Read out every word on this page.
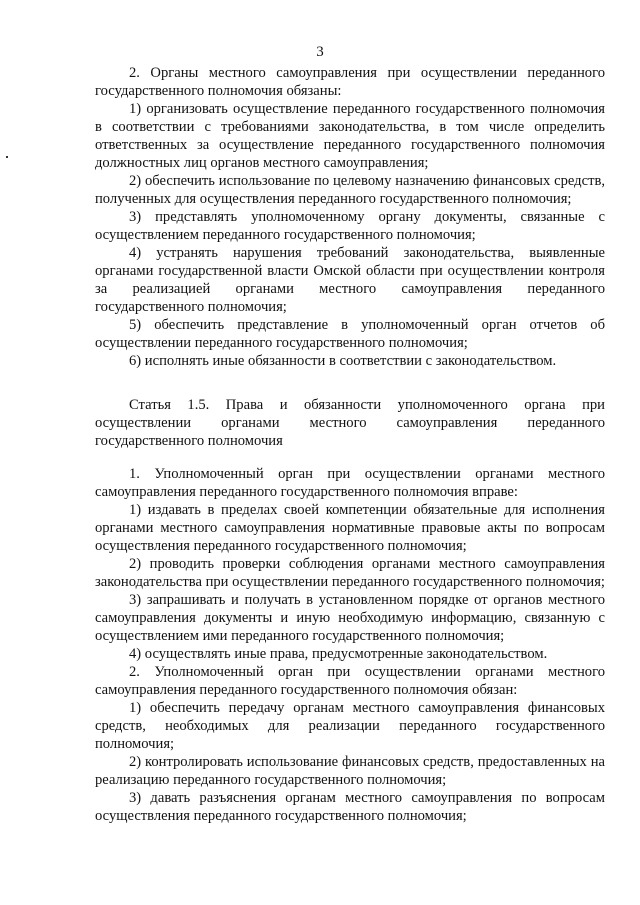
3

2. Органы местного самоуправления при осуществлении переданного государственного полномочия обязаны:

1) организовать осуществление переданного государственного полномочия в соответствии с требованиями законодательства, в том числе определить ответственных за осуществление переданного государственного полномочия должностных лиц органов местного самоуправления;

2) обеспечить использование по целевому назначению финансовых средств, полученных для осуществления переданного государственного полномочия;

3) представлять уполномоченному органу документы, связанные с осуществлением переданного государственного полномочия;

4) устранять нарушения требований законодательства, выявленные органами государственной власти Омской области при осуществлении контроля за реализацией органами местного самоуправления переданного государственного полномочия;

5) обеспечить представление в уполномоченный орган отчетов об осуществлении переданного государственного полномочия;

6) исполнять иные обязанности в соответствии с законодательством.

Статья 1.5. Права и обязанности уполномоченного органа при осуществлении органами местного самоуправления переданного государственного полномочия

1. Уполномоченный орган при осуществлении органами местного самоуправления переданного государственного полномочия вправе:

1) издавать в пределах своей компетенции обязательные для исполнения органами местного самоуправления нормативные правовые акты по вопросам осуществления переданного государственного полномочия;

2) проводить проверки соблюдения органами местного самоуправления законодательства при осуществлении переданного государственного полномочия;

3) запрашивать и получать в установленном порядке от органов местного самоуправления документы и иную необходимую информацию, связанную с осуществлением ими переданного государственного полномочия;

4) осуществлять иные права, предусмотренные законодательством.

2. Уполномоченный орган при осуществлении органами местного самоуправления переданного государственного полномочия обязан:

1) обеспечить передачу органам местного самоуправления финансовых средств, необходимых для реализации переданного государственного полномочия;

2) контролировать использование финансовых средств, предоставленных на реализацию переданного государственного полномочия;

3) давать разъяснения органам местного самоуправления по вопросам осуществления переданного государственного полномочия;
